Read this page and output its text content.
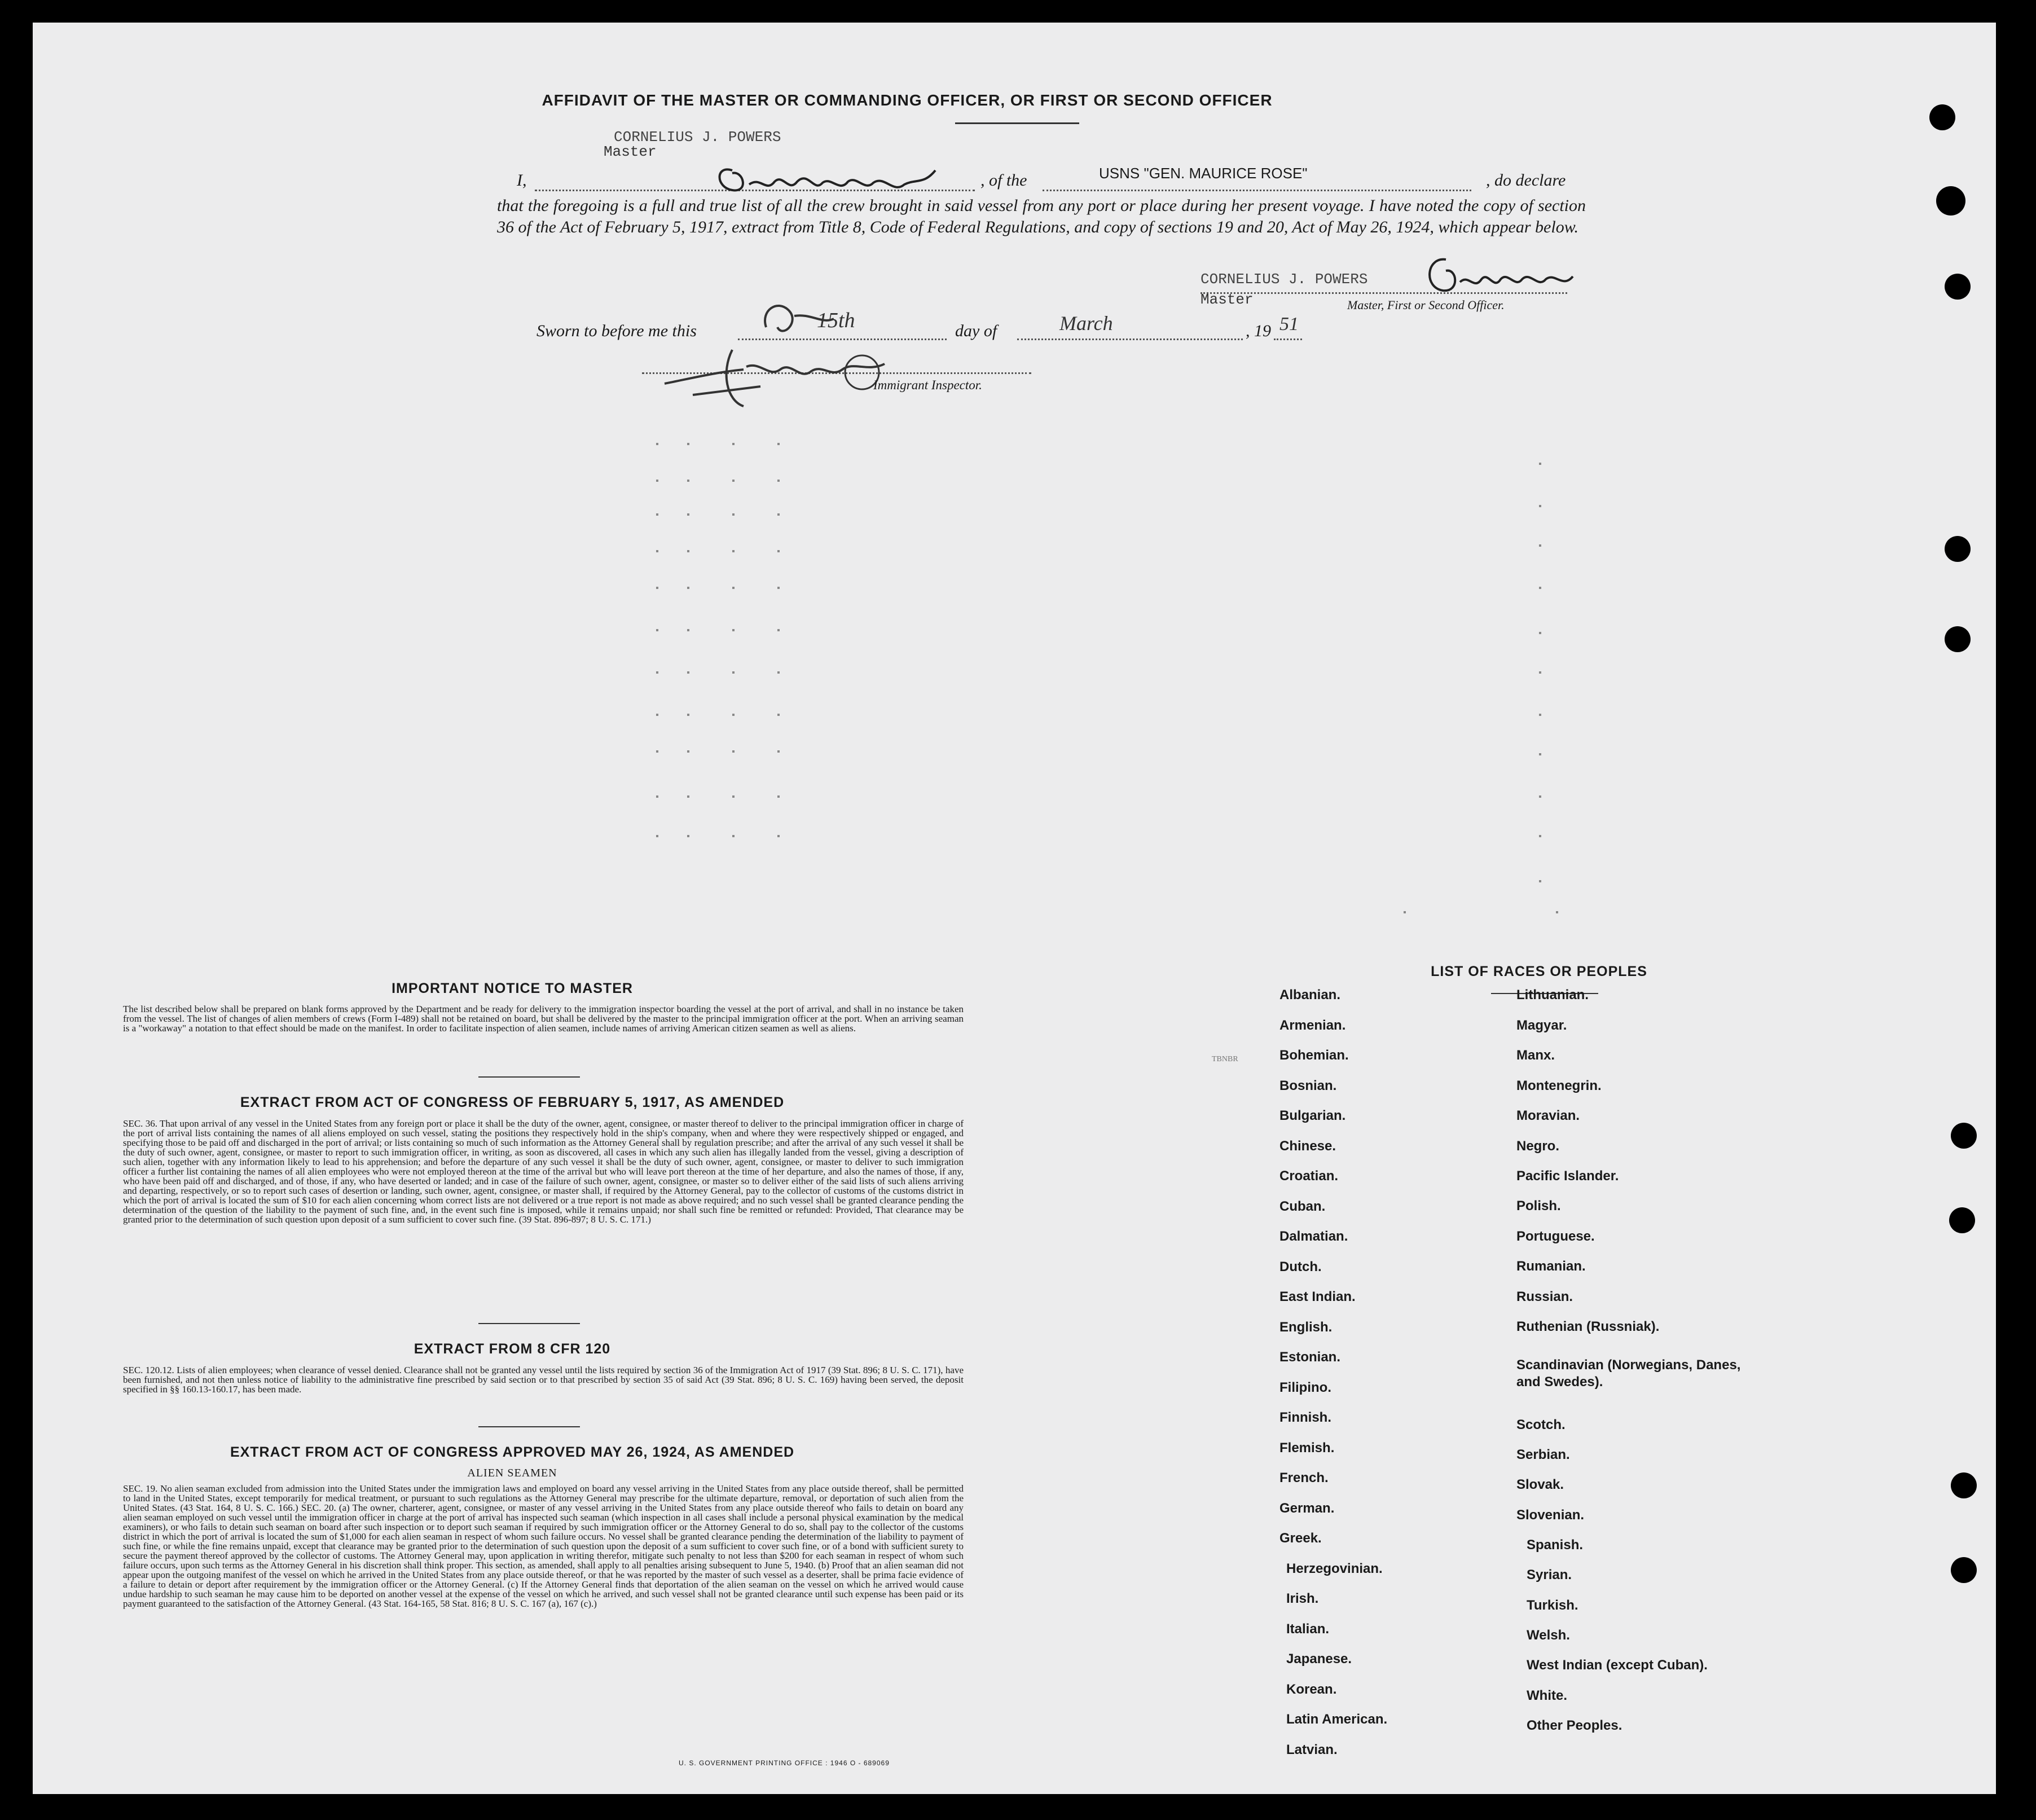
AFFIDAVIT OF THE MASTER OR COMMANDING OFFICER, OR FIRST OR SECOND OFFICER
CORNELIUS J. POWERS
Master
I,	, of the	USNS "GEN. MAURICE ROSE"	, do declare
that the foregoing is a full and true list of all the crew brought in said vessel from any port or place during her present voyage. I have noted the copy of section 36 of the Act of February 5, 1917, extract from Title 8, Code of Federal Regulations, and copy of sections 19 and 20, Act of May 26, 1924, which appear below.
CORNELIUS J. POWERS
Master	Master, First or Second Officer.
Sworn to before me this	15th	day of	March	, 19 51
Immigrant Inspector.
IMPORTANT NOTICE TO MASTER
The list described below shall be prepared on blank forms approved by the Department and be ready for delivery to the immigration inspector boarding the vessel at the port of arrival, and shall in no instance be taken from the vessel. The list of changes of alien members of crews (Form I-489) shall not be retained on board, but shall be delivered by the master to the principal immigration officer at the port. When an arriving seaman is a "workaway" a notation to that effect should be made on the manifest. In order to facilitate inspection of alien seamen, include names of arriving American citizen seamen as well as aliens.
EXTRACT FROM ACT OF CONGRESS OF FEBRUARY 5, 1917, AS AMENDED
SEC. 36. That upon arrival of any vessel in the United States from any foreign port or place it shall be the duty of the owner, agent, consignee, or master thereof to deliver to the principal immigration officer in charge of the port of arrival lists containing the names of all aliens employed on such vessel, stating the positions they respectively hold in the ship's company, when and where they were respectively shipped or engaged, and specifying those to be paid off and discharged in the port of arrival; or lists containing so much of such information as the Attorney General shall by regulation prescribe; and after the arrival of any such vessel it shall be the duty of such owner, agent, consignee, or master to report to such immigration officer, in writing, as soon as discovered, all cases in which any such alien has illegally landed from the vessel, giving a description of such alien, together with any information likely to lead to his apprehension; and before the departure of any such vessel it shall be the duty of such owner, agent, consignee, or master to deliver to such immigration officer a further list containing the names of all alien employees who were not employed thereon at the time of the arrival but who will leave port thereon at the time of her departure, and also the names of those, if any, who have been paid off and discharged, and of those, if any, who have deserted or landed; and in case of the failure of such owner, agent, consignee, or master so to deliver either of the said lists of such aliens arriving and departing, respectively, or so to report such cases of desertion or landing, such owner, agent, consignee, or master shall, if required by the Attorney General, pay to the collector of customs of the customs district in which the port of arrival is located the sum of $10 for each alien concerning whom correct lists are not delivered or a true report is not made as above required; and no such vessel shall be granted clearance pending the determination of the question of the liability to the payment of such fine, and, in the event such fine is imposed, while it remains unpaid; nor shall such fine be remitted or refunded: Provided, That clearance may be granted prior to the determination of such question upon deposit of a sum sufficient to cover such fine. (39 Stat. 896-897; 8 U. S. C. 171.)
EXTRACT FROM 8 CFR 120
SEC. 120.12. Lists of alien employees; when clearance of vessel denied. Clearance shall not be granted any vessel until the lists required by section 36 of the Immigration Act of 1917 (39 Stat. 896; 8 U. S. C. 171), have been furnished, and not then unless notice of liability to the administrative fine prescribed by said section or to that prescribed by section 35 of said Act (39 Stat. 896; 8 U. S. C. 169) having been served, the deposit specified in §§ 160.13-160.17, has been made.
EXTRACT FROM ACT OF CONGRESS APPROVED MAY 26, 1924, AS AMENDED
ALIEN SEAMEN
SEC. 19. No alien seaman excluded from admission into the United States under the immigration laws and employed on board any vessel arriving in the United States from any place outside thereof, shall be permitted to land in the United States, except temporarily for medical treatment, or pursuant to such regulations as the Attorney General may prescribe for the ultimate departure, removal, or deportation of such alien from the United States. (43 Stat. 164, 8 U. S. C. 166.) SEC. 20. (a) The owner, charterer, agent, consignee, or master of any vessel arriving in the United States from any place outside thereof who fails to detain on board any alien seaman employed on such vessel until the immigration officer in charge at the port of arrival has inspected such seaman (which inspection in all cases shall include a personal physical examination by the medical examiners), or who fails to detain such seaman on board after such inspection or to deport such seaman if required by such immigration officer or the Attorney General to do so, shall pay to the collector of the customs district in which the port of arrival is located the sum of $1,000 for each alien seaman in respect of whom such failure occurs. No vessel shall be granted clearance pending the determination of the liability to payment of such fine, or while the fine remains unpaid, except that clearance may be granted prior to the determination of such question upon the deposit of a sum sufficient to cover such fine, or of a bond with sufficient surety to secure the payment thereof approved by the collector of customs. The Attorney General may, upon application in writing therefor, mitigate such penalty to not less than $200 for each seaman in respect of whom such failure occurs, upon such terms as the Attorney General in his discretion shall think proper. This section, as amended, shall apply to all penalties arising subsequent to June 5, 1940. (b) Proof that an alien seaman did not appear upon the outgoing manifest of the vessel on which he arrived in the United States from any place outside thereof, or that he was reported by the master of such vessel as a deserter, shall be prima facie evidence of a failure to detain or deport after requirement by the immigration officer or the Attorney General. (c) If the Attorney General finds that deportation of the alien seaman on the vessel on which he arrived would cause undue hardship to such seaman he may cause him to be deported on another vessel at the expense of the vessel on which he arrived, and such vessel shall not be granted clearance until such expense has been paid or its payment guaranteed to the satisfaction of the Attorney General. (43 Stat. 164-165, 58 Stat. 816; 8 U. S. C. 167 (a), 167 (c).)
U. S. GOVERNMENT PRINTING OFFICE : 1946 O - 689069
LIST OF RACES OR PEOPLES
TBNBR
Albanian.
Armenian.
Bohemian.
Bosnian.
Bulgarian.
Chinese.
Croatian.
Cuban.
Dalmatian.
Dutch.
East Indian.
English.
Estonian.
Filipino.
Finnish.
Flemish.
French.
German.
Greek.
Herzegovinian.
Irish.
Italian.
Japanese.
Korean.
Latin American.
Latvian.
Lithuanian.
Magyar.
Manx.
Montenegrin.
Moravian.
Negro.
Pacific Islander.
Polish.
Portuguese.
Rumanian.
Russian.
Ruthenian (Russniak).
Scandinavian (Norwegians, Danes, and Swedes).
Scotch.
Serbian.
Slovak.
Slovenian.
Spanish.
Syrian.
Turkish.
Welsh.
West Indian (except Cuban).
White.
Other Peoples.
